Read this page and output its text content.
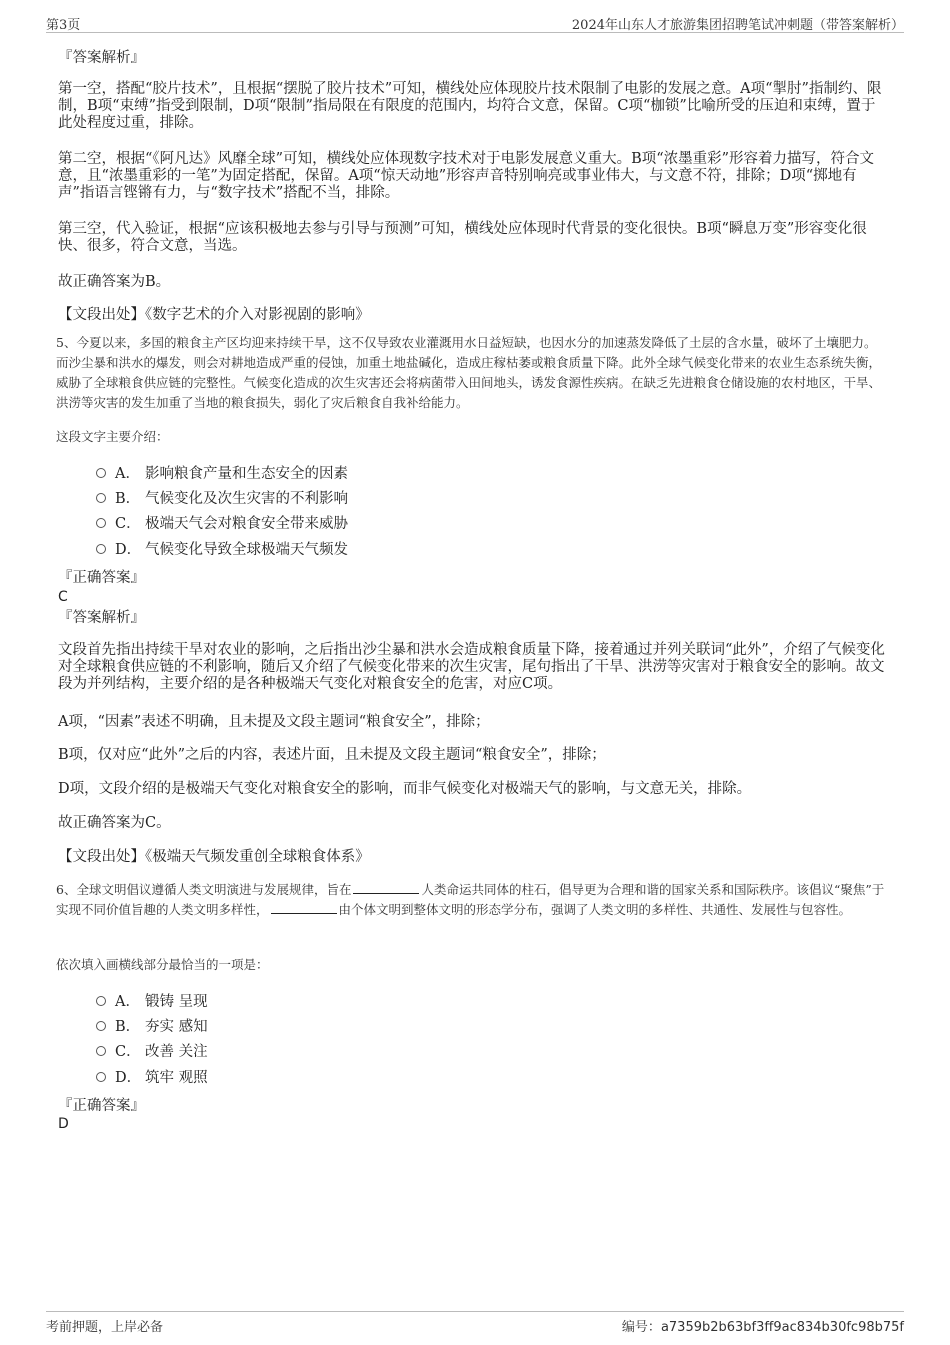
第3页	2024年山东人才旅游集团招聘笔试冲刺题（带答案解析）
『答案解析』
第一空，搭配“胶片技术”，且根据“摆脱了胶片技术”可知，横线处应体现胶片技术限制了电影的发展之意。A项“掣肘”指制约、限制，B项“束缚”指受到限制，D项“限制”指局限在有限度的范围内，均符合文意，保留。C项“枷锁”比喻所受的压迫和束缚，置于此处程度过重，排除。
第二空，根据“《阿凡达》风靡全球”可知，横线处应体现数字技术对于电影发展意义重大。B项“浓墨重彩”形容着力描写，符合文意，且“浓墨重彩的一笔”为固定搭配，保留。A项“惊天动地”形容声音特别响亮或事业伟大，与文意不符，排除；D项“掷地有声”指语言铿锵有力，与“数字技术”搭配不当，排除。
第三空，代入验证，根据“应该积极地去参与引导与预测”可知，横线处应体现时代背景的变化很快。B项“瞬息万变”形容变化很快、很多，符合文意，当选。
故正确答案为B。
【文段出处】《数字艺术的介入对影视剧的影响》
5、今夏以来，多国的粮食主产区均迎来持续干旱，这不仅导致农业灌溉用水日益短缺，也因水分的加速蒸发降低了土层的含水量，破坏了土壤肥力。而沙尘暴和洪水的爆发，则会对耕地造成严重的侵蚀，加重土地盐碱化，造成庄稼枯萎或粮食质量下降。此外全球气候变化带来的农业生态系统失衡，威胁了全球粮食供应链的完整性。气候变化造成的次生灾害还会将病菌带入田间地头，诱发食源性疾病。在缺乏先进粮食仓储设施的农村地区，干旱、洪涝等灾害的发生加重了当地的粮食损失，弱化了灾后粮食自我补给能力。
这段文字主要介绍：
A． 影响粮食产量和生态安全的因素
B． 气候变化及次生灾害的不利影响
C． 极端天气会对粮食安全带来威胁
D． 气候变化导致全球极端天气频发
『正确答案』
C
『答案解析』
文段首先指出持续干旱对农业的影响，之后指出沙尘暴和洪水会造成粮食质量下降，接着通过并列关联词“此外”，介绍了气候变化对全球粮食供应链的不利影响，随后又介绍了气候变化带来的次生灾害，尾句指出了干旱、洪涝等灾害对于粮食安全的影响。故文段为并列结构，主要介绍的是各种极端天气变化对粮食安全的危害，对应C项。
A项，“因素”表述不明确，且未提及文段主题词“粮食安全”，排除；
B项，仅对应“此外”之后的内容，表述片面，且未提及文段主题词“粮食安全”，排除；
D项，文段介绍的是极端天气变化对粮食安全的影响，而非气候变化对极端天气的影响，与文意无关，排除。
故正确答案为C。
【文段出处】《极端天气频发重创全球粮食体系》
6、全球文明倡议遵循人类文明演进与发展规律，旨在	人类命运共同体的柱石，倡导更为合理和谐的国家关系和国际秩序。该倡议“聚焦”于实现不同价值旨趣的人类文明多样性，	由个体文明到整体文明的形态学分布，强调了人类文明的多样性、共通性、发展性与包容性。
依次填入画横线部分最恰当的一项是：
A． 锻铸 呈现
B． 夯实 感知
C． 改善 关注
D． 筑牢 观照
『正确答案』
D
考前押题，上岸必备	编号：a7359b2b63bf3ff9ac834b30fc98b75f
